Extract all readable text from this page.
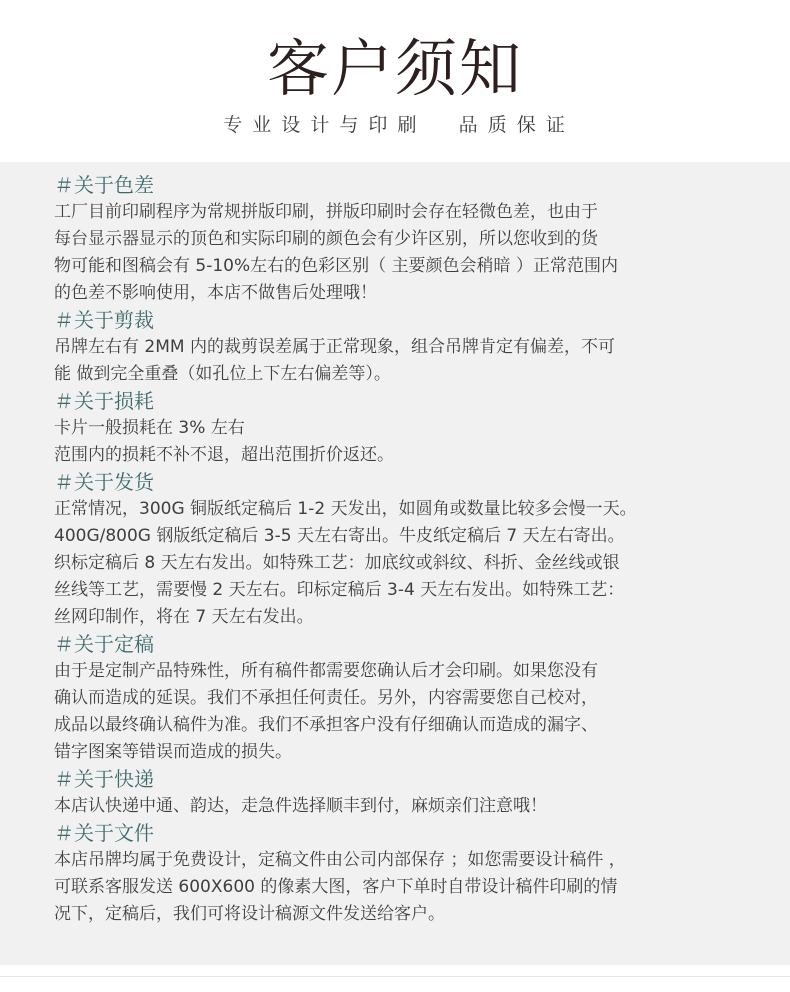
客户须知
专 业 设 计 与 印 刷     品 质 保 证
＃关于色差
工厂目前印刷程序为常规拼版印刷，拼版印刷时会存在轻微色差，也由于
每台显示器显示的顶色和实际印刷的颜色会有少许区别，所以您收到的货
物可能和图稿会有 5-10%左右的色彩区别（ 主要颜色会稍暗 ）正常范围内
的色差不影响使用，本店不做售后处理哦！
＃关于剪裁
吊牌左右有 2MM 内的裁剪误差属于正常现象，组合吊牌肯定有偏差，不可
能 做到完全重叠（如孔位上下左右偏差等）。
＃关于损耗
卡片一般损耗在 3% 左右
范围内的损耗不补不退，超出范围折价返还。
＃关于发货
正常情况，300G 铜版纸定稿后 1-2 天发出，如圆角或数量比较多会慢一天。
400G/800G 钢版纸定稿后 3-5 天左右寄出。牛皮纸定稿后 7 天左右寄出。
织标定稿后 8 天左右发出。如特殊工艺：加底纹或斜纹、科折、金丝线或银
丝线等工艺，需要慢 2 天左右。印标定稿后 3-4 天左右发出。如特殊工艺：
丝网印制作，将在 7 天左右发出。
＃关于定稿
由于是定制产品特殊性，所有稿件都需要您确认后才会印刷。如果您没有
确认而造成的延误。我们不承担任何责任。另外，内容需要您自己校对，
成品以最终确认稿件为准。我们不承担客户没有仔细确认而造成的漏字、
错字图案等错误而造成的损失。
＃关于快递
本店认快递中通、韵达，走急件选择顺丰到付，麻烦亲们注意哦！
＃关于文件
本店吊牌均属于免费设计，定稿文件由公司内部保存 ；如您需要设计稿件 ，
可联系客服发送 600X600 的像素大图，客户下单时自带设计稿件印刷的情
况下，定稿后，我们可将设计稿源文件发送给客户。
